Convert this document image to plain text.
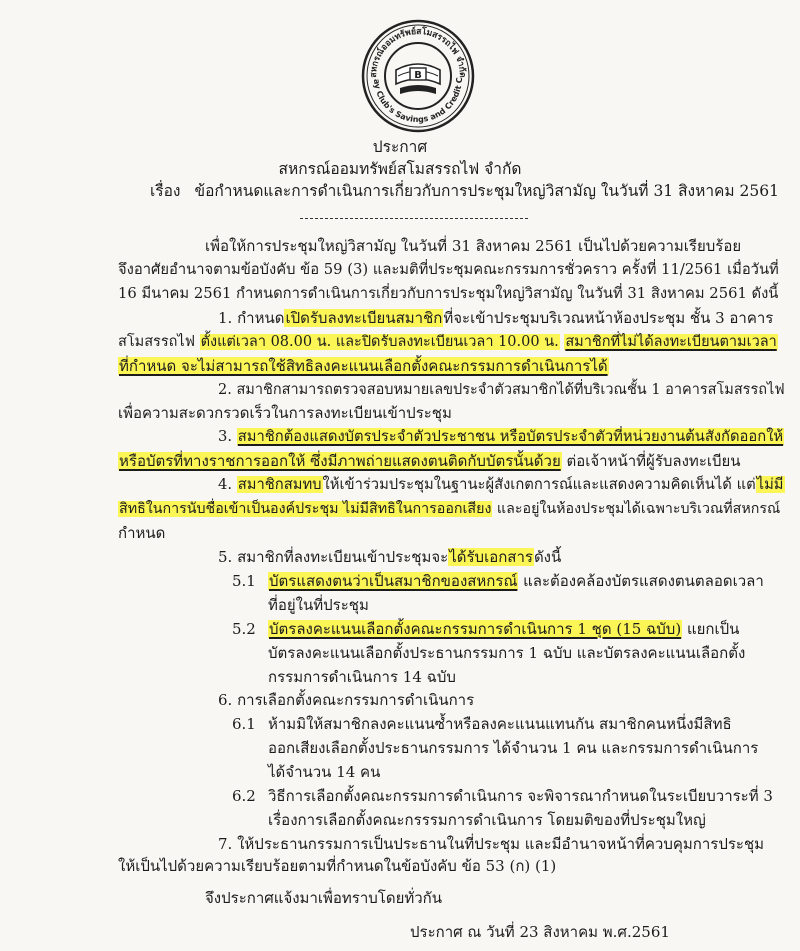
สหกรณ์ออมทรัพย์สโมสรรถไฟ จำกัด
ay Club's Savings and Credit C
B
ประกาศ
สหกรณ์ออมทรัพย์สโมสรรถไฟ จำกัด
เรื่อง ข้อกำหนดและการดำเนินการเกี่ยวกับการประชุมใหญ่วิสามัญ ในวันที่ 31 สิงหาคม 2561
เพื่อให้การประชุมใหญ่วิสามัญ ในวันที่ 31 สิงหาคม 2561 เป็นไปด้วยความเรียบร้อย
จึงอาศัยอำนาจตามข้อบังคับ ข้อ 59 (3) และมติที่ประชุมคณะกรรมการชั่วคราว ครั้งที่ 11/2561 เมื่อวันที่
16 มีนาคม 2561 กำหนดการดำเนินการเกี่ยวกับการประชุมใหญ่วิสามัญ ในวันที่ 31 สิงหาคม 2561 ดังนี้
1. กำหนดเปิดรับลงทะเบียนสมาชิกที่จะเข้าประชุมบริเวณหน้าห้องประชุม ชั้น 3 อาคาร
สโมสรรถไฟ ตั้งแต่เวลา 08.00 น. และปิดรับลงทะเบียนเวลา 10.00 น. สมาชิกที่ไม่ได้ลงทะเบียนตามเวลา
ที่กำหนด จะไม่สามารถใช้สิทธิลงคะแนนเลือกตั้งคณะกรรมการดำเนินการได้
2. สมาชิกสามารถตรวจสอบหมายเลขประจำตัวสมาชิกได้ที่บริเวณชั้น 1 อาคารสโมสรรถไฟ
เพื่อความสะดวกรวดเร็วในการลงทะเบียนเข้าประชุม
3. สมาชิกต้องแสดงบัตรประจำตัวประชาชน หรือบัตรประจำตัวที่หน่วยงานต้นสังกัดออกให้
หรือบัตรที่ทางราชการออกให้ ซึ่งมีภาพถ่ายแสดงตนติดกับบัตรนั้นด้วย ต่อเจ้าหน้าที่ผู้รับลงทะเบียน
4. สมาชิกสมทบให้เข้าร่วมประชุมในฐานะผู้สังเกตการณ์และแสดงความคิดเห็นได้ แต่ไม่มี
สิทธิในการนับชื่อเข้าเป็นองค์ประชุม ไม่มีสิทธิในการออกเสียง และอยู่ในห้องประชุมได้เฉพาะบริเวณที่สหกรณ์
กำหนด
5. สมาชิกที่ลงทะเบียนเข้าประชุมจะได้รับเอกสารดังนี้
5.1 บัตรแสดงตนว่าเป็นสมาชิกของสหกรณ์ และต้องคล้องบัตรแสดงตนตลอดเวลา
ที่อยู่ในที่ประชุม
5.2 บัตรลงคะแนนเลือกตั้งคณะกรรมการดำเนินการ 1 ชุด (15 ฉบับ) แยกเป็น
บัตรลงคะแนนเลือกตั้งประธานกรรมการ 1 ฉบับ และบัตรลงคะแนนเลือกตั้ง
กรรมการดำเนินการ 14 ฉบับ
6. การเลือกตั้งคณะกรรมการดำเนินการ
6.1 ห้ามมิให้สมาชิกลงคะแนนซ้ำหรือลงคะแนนแทนกัน สมาชิกคนหนึ่งมีสิทธิ
ออกเสียงเลือกตั้งประธานกรรมการ ได้จำนวน 1 คน และกรรมการดำเนินการ
ได้จำนวน 14 คน
6.2 วิธีการเลือกตั้งคณะกรรมการดำเนินการ จะพิจารณากำหนดในระเบียบวาระที่ 3
เรื่องการเลือกตั้งคณะกรรรมการดำเนินการ โดยมติของที่ประชุมใหญ่
7. ให้ประธานกรรมการเป็นประธานในที่ประชุม และมีอำนาจหน้าที่ควบคุมการประชุม
ให้เป็นไปด้วยความเรียบร้อยตามที่กำหนดในข้อบังคับ ข้อ 53 (ก) (1)
จึงประกาศแจ้งมาเพื่อทราบโดยทั่วกัน
ประกาศ ณ วันที่ 23 สิงหาคม พ.ศ.2561
